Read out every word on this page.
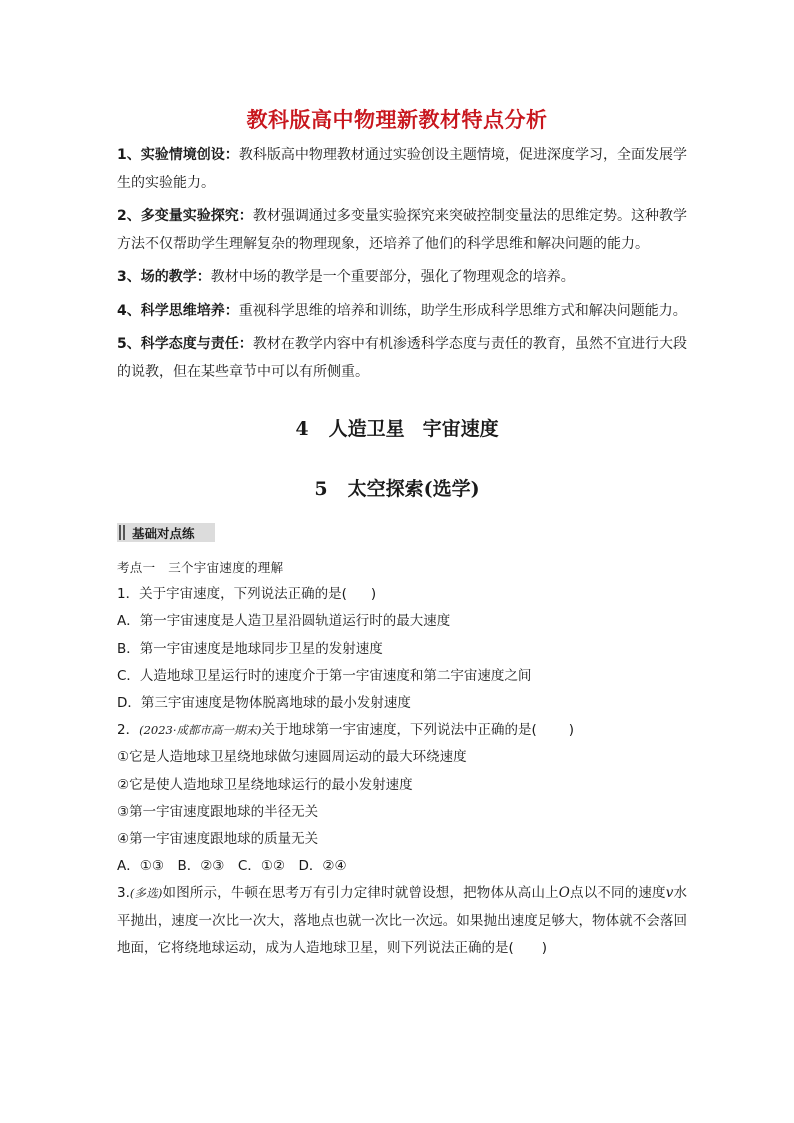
教科版高中物理新教材特点分析

1、实验情境创设：教科版高中物理教材通过实验创设主题情境，促进深度学习，全面发展学生的实验能力。

2、多变量实验探究：教材强调通过多变量实验探究来突破控制变量法的思维定势。这种教学方法不仅帮助学生理解复杂的物理现象，还培养了他们的科学思维和解决问题的能力。

3、场的教学：教材中场的教学是一个重要部分，强化了物理观念的培养。

4、科学思维培养：重视科学思维的培养和训练，助学生形成科学思维方式和解决问题能力。

5、科学态度与责任：教材在教学内容中有机渗透科学态度与责任的教育，虽然不宜进行大段的说教，但在某些章节中可以有所侧重。

4 人造卫星 宇宙速度
5 太空探索(选学)
基础对点练
考点一　三个宇宙速度的理解
1．关于宇宙速度，下列说法正确的是( )
A．第一宇宙速度是人造卫星沿圆轨道运行时的最大速度
B．第一宇宙速度是地球同步卫星的发射速度
C．人造地球卫星运行时的速度介于第一宇宙速度和第二宇宙速度之间
D．第三宇宙速度是物体脱离地球的最小发射速度
2．(2023·成都市高一期末)关于地球第一宇宙速度，下列说法中正确的是( )
①它是人造地球卫星绕地球做匀速圆周运动的最大环绕速度
②它是使人造地球卫星绕地球运行的最小发射速度
③第一宇宙速度跟地球的半径无关
④第一宇宙速度跟地球的质量无关
A．①③　B．②③　C．①②　D．②④
3.(多选)如图所示，牛顿在思考万有引力定律时就曾设想，把物体从高山上O点以不同的速度v水平抛出，速度一次比一次大，落地点也就一次比一次远。如果抛出速度足够大，物体就不会落回地面，它将绕地球运动，成为人造地球卫星，则下列说法正确的是( )
